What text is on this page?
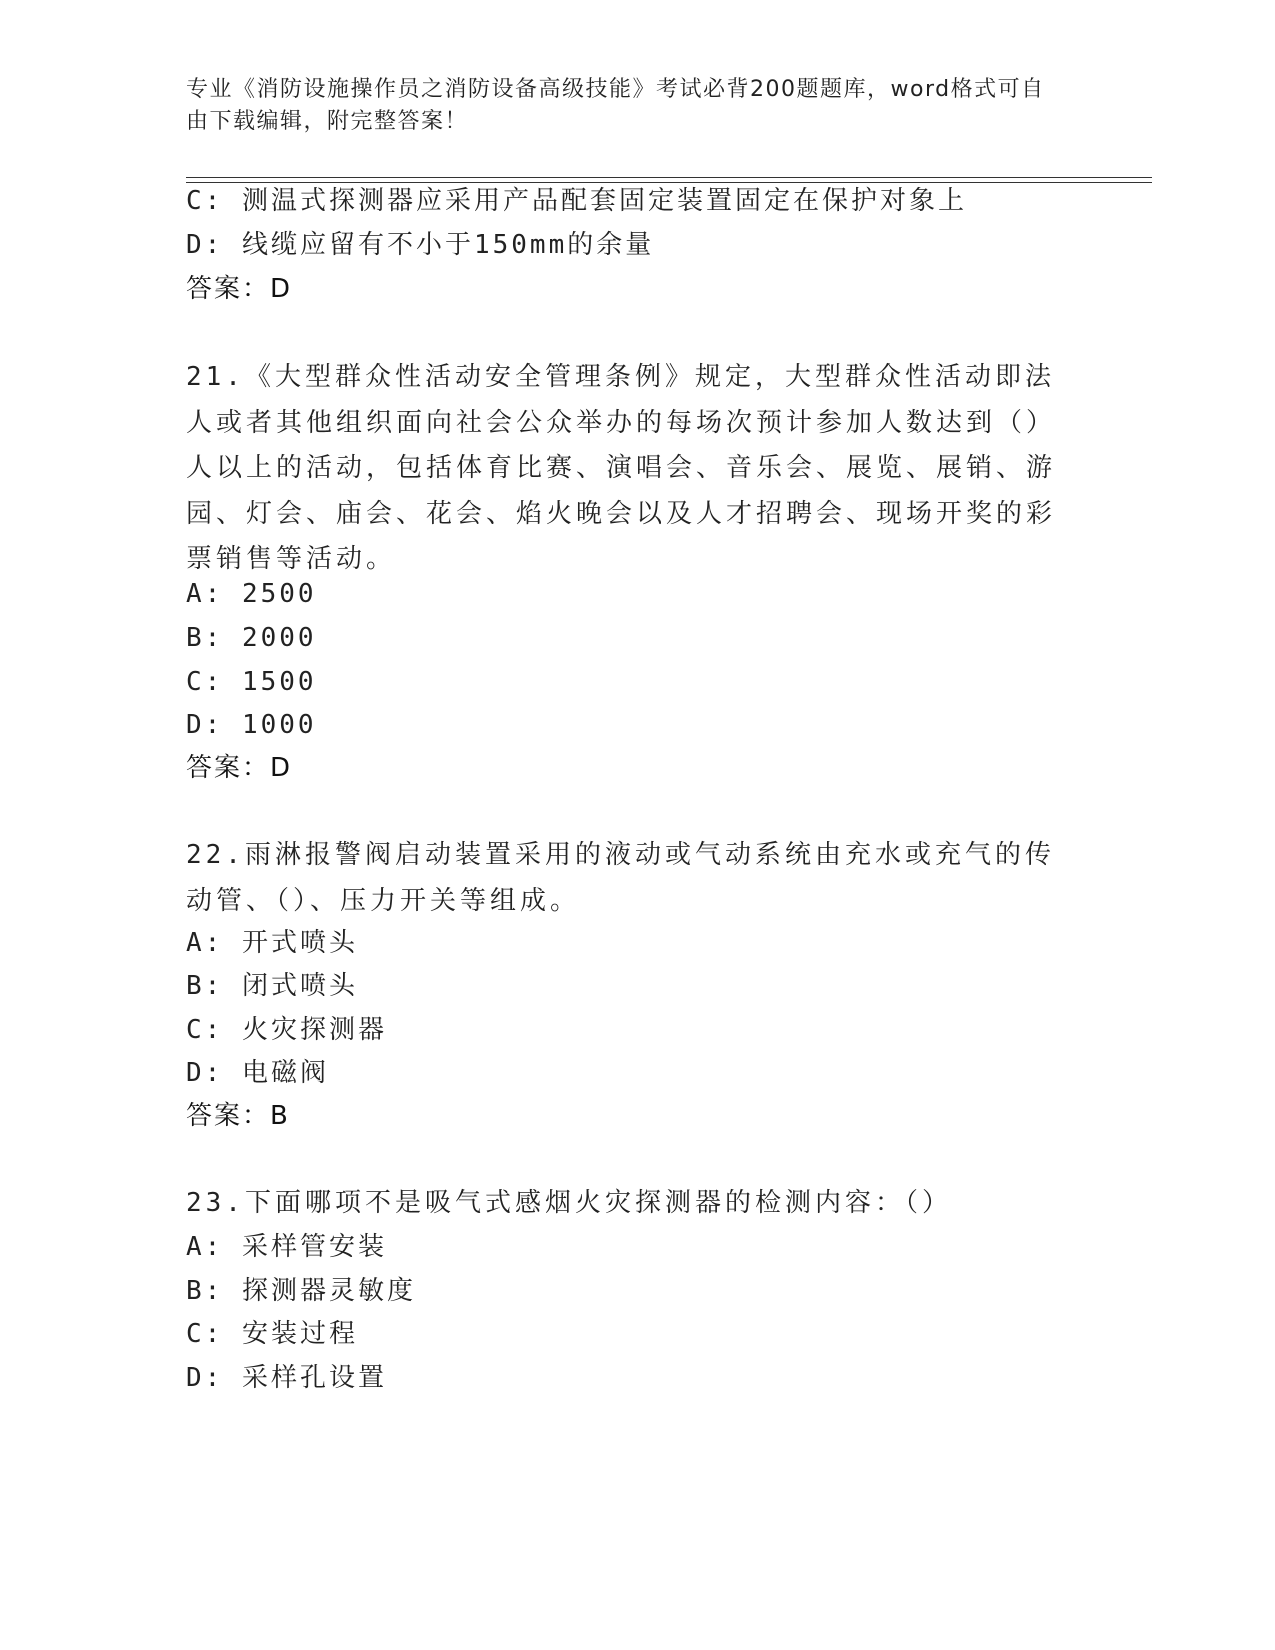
专业《消防设施操作员之消防设备高级技能》考试必背200题题库，word格式可自由下载编辑，附完整答案！
C: 测温式探测器应采用产品配套固定装置固定在保护对象上
D: 线缆应留有不小于150mm的余量
答案：D
21.《大型群众性活动安全管理条例》规定，大型群众性活动即法人或者其他组织面向社会公众举办的每场次预计参加人数达到（）人以上的活动，包括体育比赛、演唱会、音乐会、展览、展销、游园、灯会、庙会、花会、焰火晚会以及人才招聘会、现场开奖的彩票销售等活动。
A: 2500
B: 2000
C: 1500
D: 1000
答案：D
22.雨淋报警阀启动装置采用的液动或气动系统由充水或充气的传动管、（）、压力开关等组成。
A: 开式喷头
B: 闭式喷头
C: 火灾探测器
D: 电磁阀
答案：B
23.下面哪项不是吸气式感烟火灾探测器的检测内容：（）
A: 采样管安装
B: 探测器灵敏度
C: 安装过程
D: 采样孔设置
